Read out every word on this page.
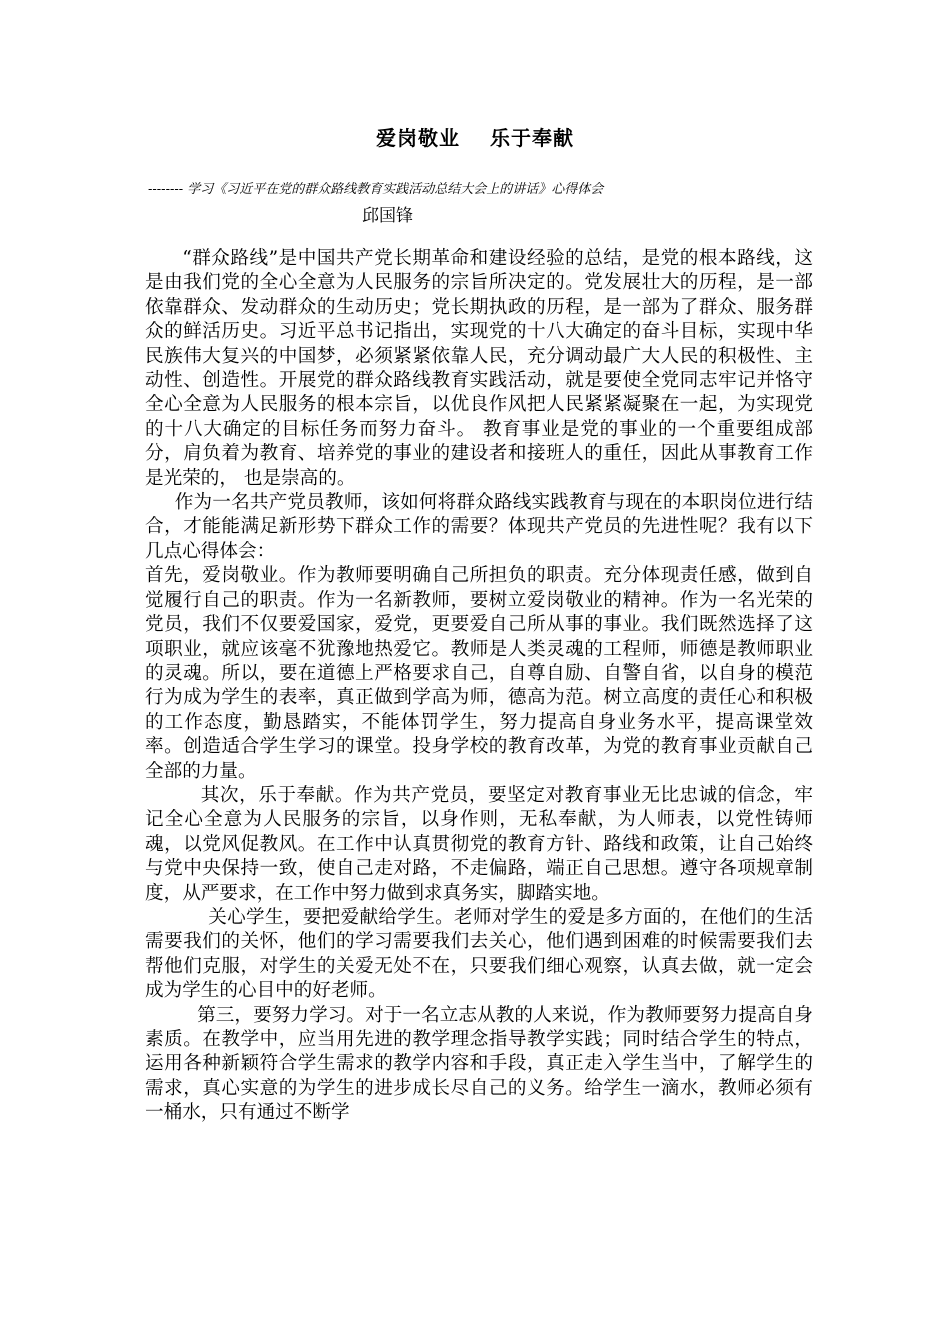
爱岗敬业 乐于奉献
-------- 学习《习近平在党的群众路线教育实践活动总结大会上的讲话》心得体会
邱国锋

“群众路线”是中国共产党长期革命和建设经验的总结，是党的根本路线，这是由我们党的全心全意为人民服务的宗旨所决定的。党发展壮大的历程，是一部依靠群众、发动群众的生动历史；党长期执政的历程，是一部为了群众、服务群众的鲜活历史。习近平总书记指出，实现党的十八大确定的奋斗目标，实现中华民族伟大复兴的中国梦，必须紧紧依靠人民，充分调动最广大人民的积极性、主动性、创造性。开展党的群众路线教育实践活动，就是要使全党同志牢记并恪守全心全意为人民服务的根本宗旨，以优良作风把人民紧紧凝聚在一起，为实现党的十八大确定的目标任务而努力奋斗。 教育事业是党的事业的一个重要组成部分，肩负着为教育、培养党的事业的建设者和接班人的重任，因此从事教育工作是光荣的， 也是崇高的。

作为一名共产党员教师，该如何将群众路线实践教育与现在的本职岗位进行结合，才能能满足新形势下群众工作的需要？体现共产党员的先进性呢？我有以下几点心得体会：

首先，爱岗敬业。作为教师要明确自己所担负的职责。充分体现责任感，做到自觉履行自己的职责。作为一名新教师，要树立爱岗敬业的精神。作为一名光荣的党员，我们不仅要爱国家，爱党，更要爱自己所从事的事业。我们既然选择了这项职业，就应该毫不犹豫地热爱它。教师是人类灵魂的工程师，师德是教师职业的灵魂。所以，要在道德上严格要求自己，自尊自励、自警自省，以自身的模范行为成为学生的表率，真正做到学高为师，德高为范。树立高度的责任心和积极的工作态度，勤恳踏实，不能体罚学生，努力提高自身业务水平，提高课堂效率。创造适合学生学习的课堂。投身学校的教育改革，为党的教育事业贡献自己全部的力量。

其次，乐于奉献。作为共产党员，要坚定对教育事业无比忠诚的信念，牢记全心全意为人民服务的宗旨，以身作则，无私奉献，为人师表，以党性铸师魂，以党风促教风。在工作中认真贯彻党的教育方针、路线和政策，让自己始终与党中央保持一致，使自己走对路，不走偏路，端正自己思想。遵守各项规章制度，从严要求，在工作中努力做到求真务实，脚踏实地。

关心学生，要把爱献给学生。老师对学生的爱是多方面的，在他们的生活需要我们的关怀，他们的学习需要我们去关心，他们遇到困难的时候需要我们去帮他们克服，对学生的关爱无处不在，只要我们细心观察，认真去做，就一定会成为学生的心目中的好老师。

第三，要努力学习。对于一名立志从教的人来说，作为教师要努力提高自身素质。在教学中，应当用先进的教学理念指导教学实践；同时结合学生的特点，运用各种新颖符合学生需求的教学内容和手段，真正走入学生当中，了解学生的需求，真心实意的为学生的进步成长尽自己的义务。给学生一滴水，教师必须有一桶水，只有通过不断学
